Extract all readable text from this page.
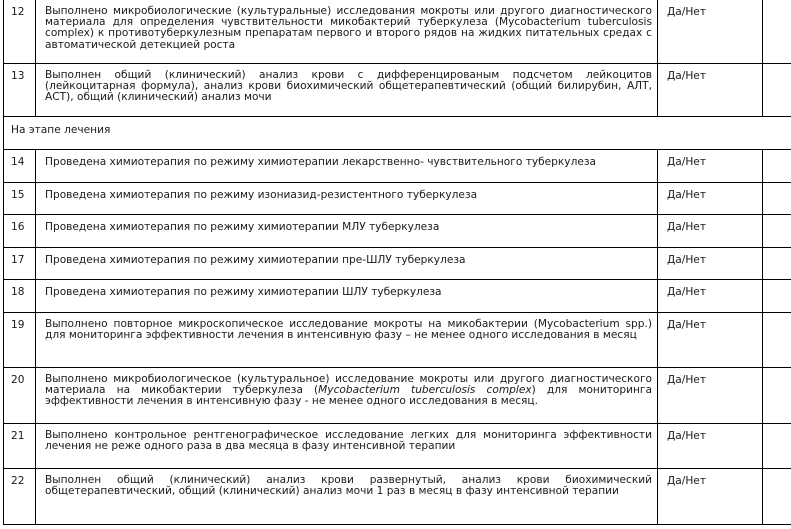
12	Выполнено микробиологические (культуральные) исследования мокроты или другого диагностического материала для определения чувствительности микобактерий туберкулеза (Mycobacterium tuberculosis complex) к противотуберкулезным препаратам первого и второго рядов на жидких питательных средах с автоматической детекцией роста	Да/Нет	
13	Выполнен общий (клинический) анализ крови с дифференцированым подсчетом лейкоцитов (лейкоцитарная формула), анализ крови биохимический общетерапевтический (общий билирубин, АЛТ, АСТ), общий (клинический) анализ мочи	Да/Нет	
На этапе лечения			
14	Проведена химиотерапия по режиму химиотерапии лекарственно- чувствительного туберкулеза	Да/Нет	
15	Проведена химиотерапия по режиму изониазид-резистентного туберкулеза	Да/Нет	
16	Проведена химиотерапия по режиму химиотерапии МЛУ туберкулеза	Да/Нет	
17	Проведена химиотерапия по режиму химиотерапии пре-ШЛУ туберкулеза	Да/Нет	
18	Проведена химиотерапия по режиму химиотерапии ШЛУ туберкулеза	Да/Нет	
19	Выполнено повторное микроскопическое исследование мокроты на микобактерии (Mycobacterium spp.) для мониторинга эффективности лечения в интенсивную фазу – не менее одного исследования в месяц	Да/Нет	
20	Выполнено микробиологическое (культуральное) исследование мокроты или другого диагностического материала на микобактерии туберкулеза (Mycobacterium tuberculosis complex) для мониторинга эффективности лечения в интенсивную фазу - не менее одного исследования в месяц.	Да/Нет	
21	Выполнено контрольное рентгенографическое исследование легких для мониторинга эффективности лечения не реже одного раза в два месяца в фазу интенсивной терапии	Да/Нет	
22	Выполнен общий (клинический) анализ крови развернутый, анализ крови биохимический общетерапевтический, общий (клинический) анализ мочи 1 раз в месяц в фазу интенсивной терапии	Да/Нет	
